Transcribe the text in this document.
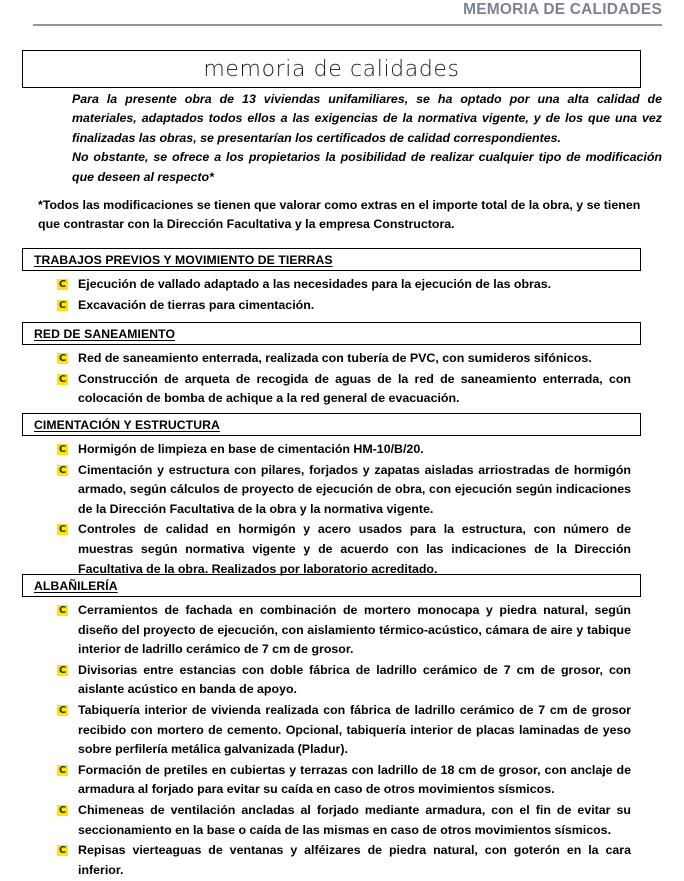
MEMORIA DE CALIDADES
memoria de calidades

Para la presente obra de 13 viviendas unifamiliares, se ha optado por una alta calidad de materiales, adaptados todos ellos a las exigencias de la normativa vigente, y de los que una vez finalizadas las obras, se presentarían los certificados de calidad correspondientes.

No obstante, se ofrece a los propietarios la posibilidad de realizar cualquier tipo de modificación que deseen al respecto*

*Todos las modificaciones se tienen que valorar como extras en el importe total de la obra, y se tienen que contrastar con la Dirección Facultativa y la empresa Constructora.

TRABAJOS PREVIOS Y MOVIMIENTO DE TIERRAS
C Ejecución de vallado adaptado a las necesidades para la ejecución de las obras.
C Excavación de tierras para cimentación.
RED DE SANEAMIENTO
C Red de saneamiento enterrada, realizada con tubería de PVC, con sumideros sifónicos.
C Construcción de arqueta de recogida de aguas de la red de saneamiento enterrada, con colocación de bomba de achique a la red general de evacuación.
CIMENTACIÓN Y ESTRUCTURA
C Hormigón de limpieza en base de cimentación HM-10/B/20.
C Cimentación y estructura con pilares, forjados y zapatas aisladas arriostradas de hormigón armado, según cálculos de proyecto de ejecución de obra, con ejecución según indicaciones de la Dirección Facultativa de la obra y la normativa vigente.
C Controles de calidad en hormigón y acero usados para la estructura, con número de muestras según normativa vigente y de acuerdo con las indicaciones de la Dirección Facultativa de la obra. Realizados por laboratorio acreditado.
ALBAÑILERÍA
C Cerramientos de fachada en combinación de mortero monocapa y piedra natural, según diseño del proyecto de ejecución, con aislamiento térmico-acústico, cámara de aire y tabique interior de ladrillo cerámico de 7 cm de grosor.
C Divisorias entre estancias con doble fábrica de ladrillo cerámico de 7 cm de grosor, con aislante acústico en banda de apoyo.
C Tabiquería interior de vivienda realizada con fábrica de ladrillo cerámico de 7 cm de grosor recibido con mortero de cemento. Opcional, tabiquería interior de placas laminadas de yeso sobre perfilería metálica galvanizada (Pladur).
C Formación de pretiles en cubiertas y terrazas con ladrillo de 18 cm de grosor, con anclaje de armadura al forjado para evitar su caída en caso de otros movimientos sísmicos.
C Chimeneas de ventilación ancladas al forjado mediante armadura, con el fin de evitar su seccionamiento en la base o caída de las mismas en caso de otros movimientos sísmicos.
C Repisas vierteaguas de ventanas y alféizares de piedra natural, con goterón en la cara inferior.
